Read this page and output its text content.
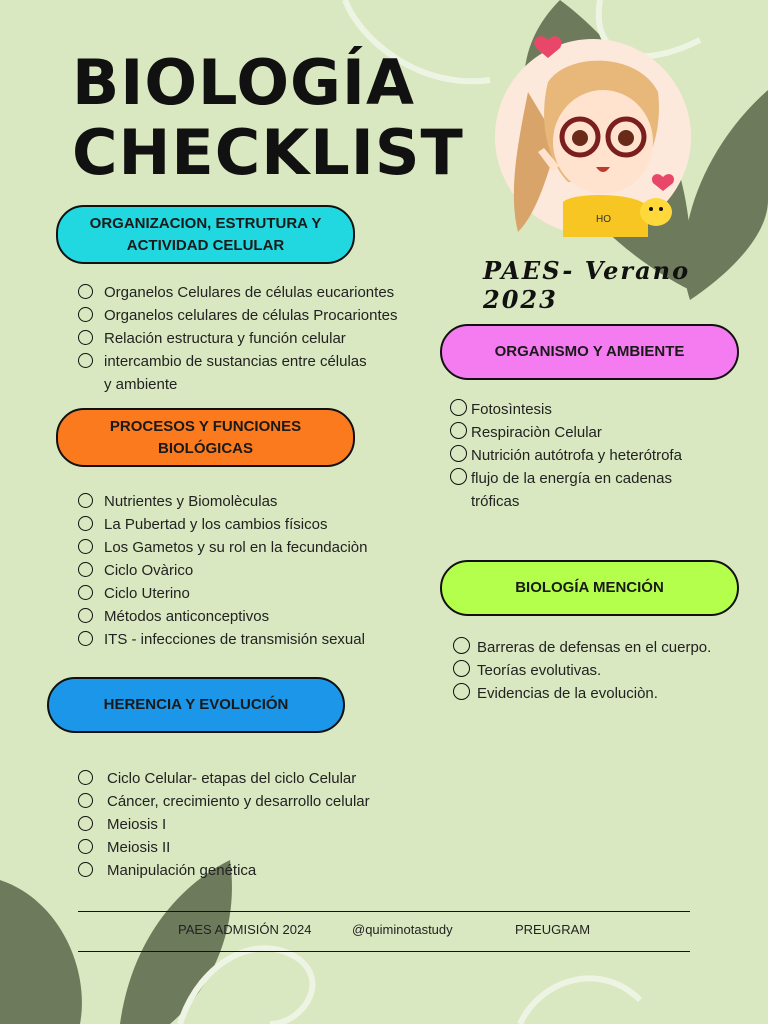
BIOLOGÍA
CHECKLIST
HO
PAES- Verano 2023
ORGANIZACION, ESTRUTURA Y
ACTIVIDAD CELULAR
Organelos Celulares de células eucariontes
Organelos celulares de células Procariontes
Relación estructura y función celular
intercambio de sustancias entre células
y ambiente
PROCESOS Y FUNCIONES
BIOLÓGICAS
Nutrientes y Biomolèculas
La Pubertad y los cambios físicos
Los Gametos y su rol en la fecundaciòn
Ciclo Ovàrico
Ciclo Uterino
Métodos anticonceptivos
ITS - infecciones de transmisión sexual
HERENCIA Y EVOLUCIÓN
Ciclo Celular- etapas del ciclo Celular
Cáncer, crecimiento y desarrollo celular
Meiosis I
Meiosis II
Manipulación genética
ORGANISMO Y AMBIENTE
Fotosìntesis
Respiraciòn Celular
Nutrición autótrofa y heterótrofa
flujo de la energía en cadenas
tróficas
BIOLOGÍA MENCIÓN
Barreras de defensas en el cuerpo.
Teorías evolutivas.
Evidencias de la evoluciòn.
PAES ADMISIÓN 2024	@quiminotastudy	PREUGRAM
